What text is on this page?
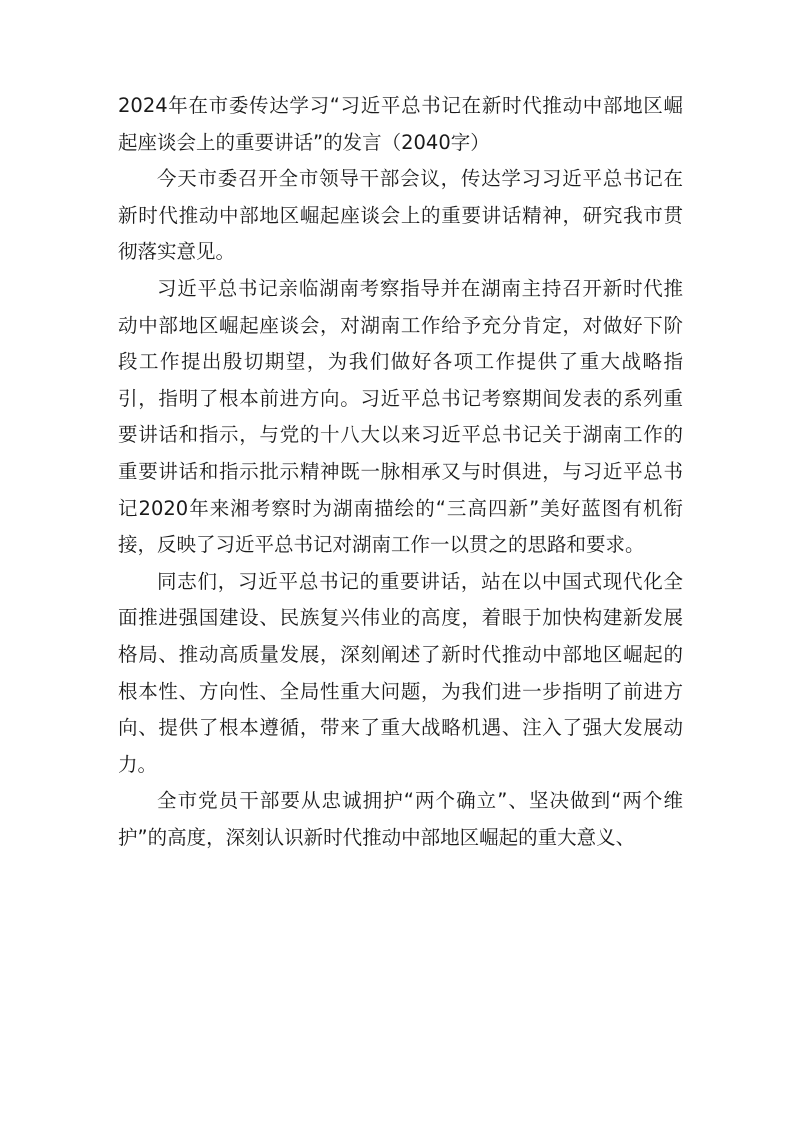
2024年在市委传达学习“习近平总书记在新时代推动中部地区崛起座谈会上的重要讲话”的发言（2040字）

今天市委召开全市领导干部会议，传达学习习近平总书记在新时代推动中部地区崛起座谈会上的重要讲话精神，研究我市贯彻落实意见。

习近平总书记亲临湖南考察指导并在湖南主持召开新时代推动中部地区崛起座谈会，对湖南工作给予充分肯定，对做好下阶段工作提出殷切期望，为我们做好各项工作提供了重大战略指引，指明了根本前进方向。习近平总书记考察期间发表的系列重要讲话和指示，与党的十八大以来习近平总书记关于湖南工作的重要讲话和指示批示精神既一脉相承又与时俱进，与习近平总书记2020年来湘考察时为湖南描绘的“三高四新”美好蓝图有机衔接，反映了习近平总书记对湖南工作一以贯之的思路和要求。

同志们，习近平总书记的重要讲话，站在以中国式现代化全面推进强国建设、民族复兴伟业的高度，着眼于加快构建新发展格局、推动高质量发展，深刻阐述了新时代推动中部地区崛起的根本性、方向性、全局性重大问题，为我们进一步指明了前进方向、提供了根本遵循，带来了重大战略机遇、注入了强大发展动力。

全市党员干部要从忠诚拥护“两个确立”、坚决做到“两个维护”的高度，深刻认识新时代推动中部地区崛起的重大意义、
